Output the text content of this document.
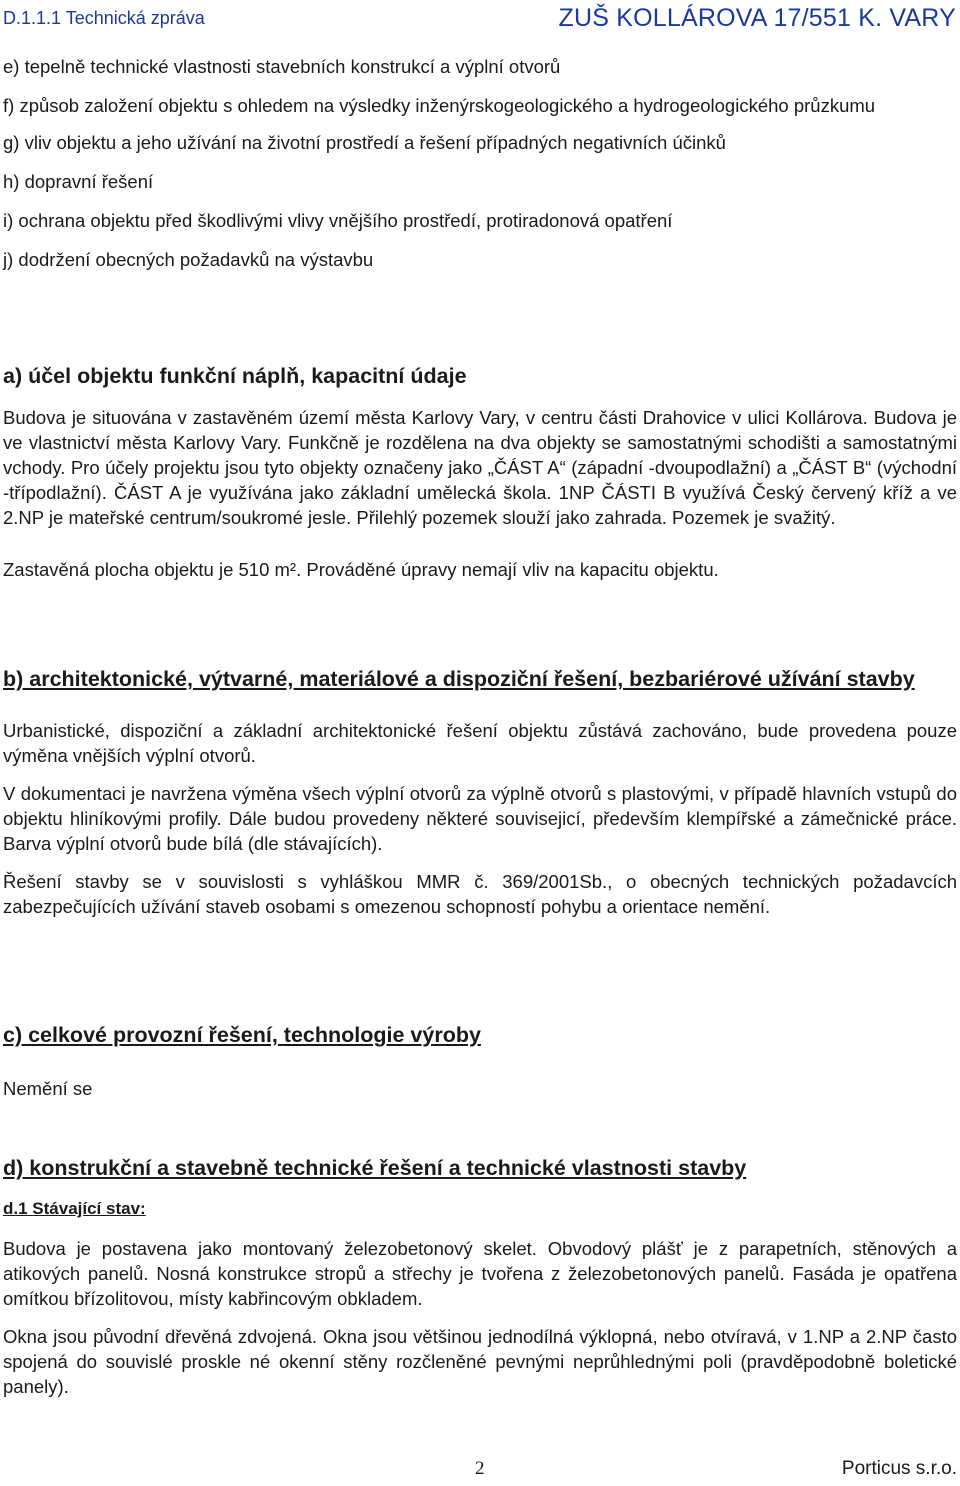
D.1.1.1 Technická zpráva	ZUŠ KOLLÁROVA 17/551 K. VARY
e) tepelně technické vlastnosti stavebních konstrukcí a výplní otvorů
f) způsob založení objektu s ohledem na výsledky inženýrskogeologického a hydrogeologického průzkumu
g) vliv objektu a jeho užívání na životní prostředí a řešení případných negativních účinků
h) dopravní řešení
i) ochrana objektu před škodlivými vlivy vnějšího prostředí, protiradonová opatření
j) dodržení obecných požadavků na výstavbu
a) účel objektu funkční náplň, kapacitní údaje

Budova je situována v zastavěném území města Karlovy Vary, v centru části Drahovice v ulici Kollárova. Budova je ve vlastnictví města Karlovy Vary. Funkčně je rozdělena na dva objekty se samostatnými schodišti a samostatnými vchody. Pro účely projektu jsou tyto objekty označeny jako „ČÁST A“ (západní -dvoupodlažní) a „ČÁST B“ (východní -třípodlažní). ČÁST A je využívána jako základní umělecká škola. 1NP ČÁSTI B využívá Český červený kříž a ve 2.NP je mateřské centrum/soukromé jesle. Přilehlý pozemek slouží jako zahrada. Pozemek je svažitý.

Zastavěná plocha objektu je 510 m². Prováděné úpravy nemají vliv na kapacitu objektu.

b) architektonické, výtvarné, materiálové a dispoziční řešení, bezbariérové užívání stavby

Urbanistické, dispoziční a základní architektonické řešení objektu zůstává zachováno, bude provedena pouze výměna vnějších výplní otvorů.

V dokumentaci je navržena výměna všech výplní otvorů za výplně otvorů s plastovými, v případě hlavních vstupů do objektu hliníkovými profily. Dále budou provedeny některé souvisejicí, především klempířské a zámečnické práce. Barva výplní otvorů bude bílá (dle stávajících).

Řešení stavby se v souvislosti s vyhláškou MMR č. 369/2001Sb., o obecných technických požadavcích zabezpečujících užívání staveb osobami s omezenou schopností pohybu a orientace nemění.

c) celkové provozní řešení, technologie výroby

Nemění se

d) konstrukční a stavebně technické řešení a technické vlastnosti stavby
d.1 Stávající stav:

Budova je postavena jako montovaný železobetonový skelet. Obvodový plášť je z parapetních, stěnových a atikových panelů. Nosná konstrukce stropů a střechy je tvořena z železobetonových panelů. Fasáda je opatřena omítkou břízolitovou, místy kabřincovým obkladem.

Okna jsou původní dřevěná zdvojená. Okna jsou většinou jednodílná výklopná, nebo otvíravá, v 1.NP a 2.NP často spojená do souvislé proskle né okenní stěny rozčleněné pevnými neprůhlednými poli (pravděpodobně boletické panely).

2	Porticus s.r.o.
